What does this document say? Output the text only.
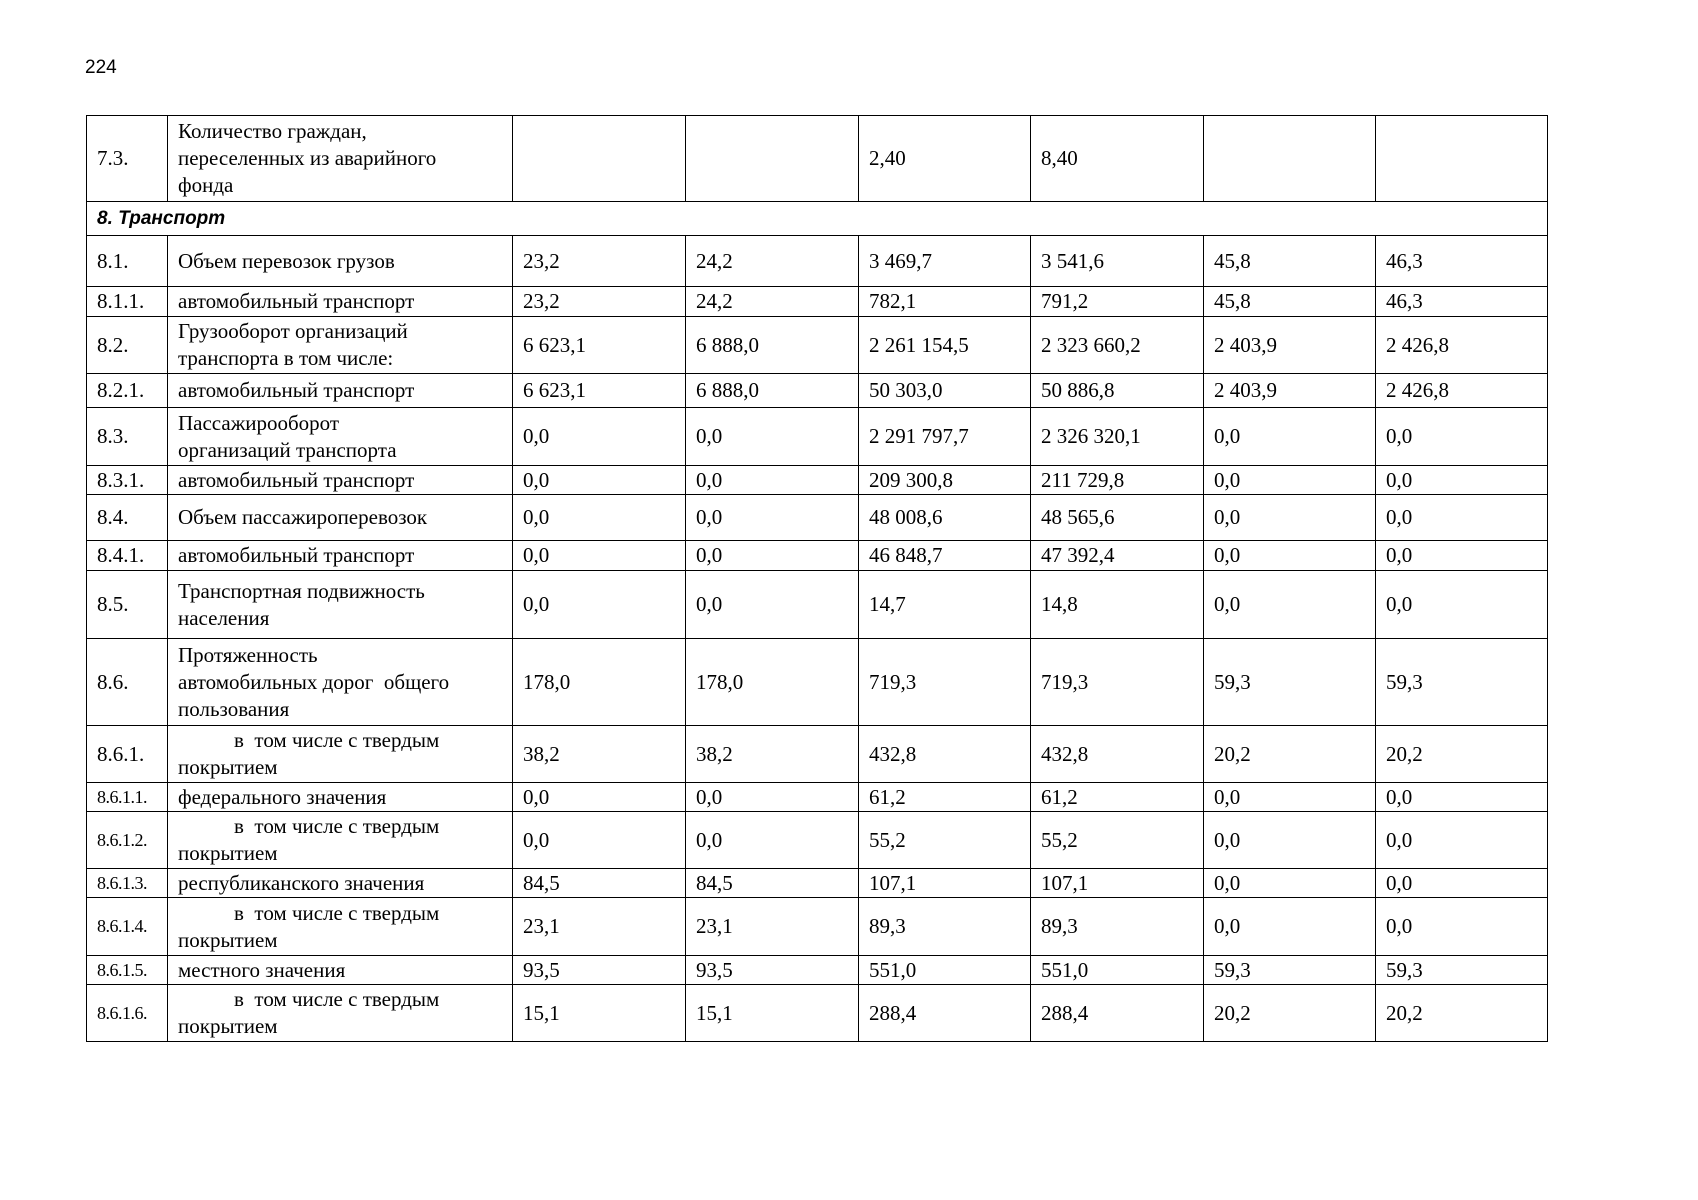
224
7.3.	Количество граждан,
переселенных из аварийного
фонда			2,40	8,40		
8. Транспорт							
8.1.	Объем перевозок грузов	23,2	24,2	3 469,7	3 541,6	45,8	46,3
8.1.1.	автомобильный транспорт	23,2	24,2	782,1	791,2	45,8	46,3
8.2.	Грузооборот организаций
транспорта в том числе:	6 623,1	6 888,0	2 261 154,5	2 323 660,2	2 403,9	2 426,8
8.2.1.	автомобильный транспорт	6 623,1	6 888,0	50 303,0	50 886,8	2 403,9	2 426,8
8.3.	Пассажирооборот
организаций транспорта	0,0	0,0	2 291 797,7	2 326 320,1	0,0	0,0
8.3.1.	автомобильный транспорт	0,0	0,0	209 300,8	211 729,8	0,0	0,0
8.4.	Объем пассажироперевозок	0,0	0,0	48 008,6	48 565,6	0,0	0,0
8.4.1.	автомобильный транспорт	0,0	0,0	46 848,7	47 392,4	0,0	0,0
8.5.	Транспортная подвижность
населения	0,0	0,0	14,7	14,8	0,0	0,0
8.6.	Протяженность
автомобильных дорог  общего
пользования	178,0	178,0	719,3	719,3	59,3	59,3
8.6.1.	в  том числе с твердым
покрытием	38,2	38,2	432,8	432,8	20,2	20,2
8.6.1.1.	федерального значения	0,0	0,0	61,2	61,2	0,0	0,0
8.6.1.2.	в  том числе с твердым
покрытием	0,0	0,0	55,2	55,2	0,0	0,0
8.6.1.3.	республиканского значения	84,5	84,5	107,1	107,1	0,0	0,0
8.6.1.4.	в  том числе с твердым
покрытием	23,1	23,1	89,3	89,3	0,0	0,0
8.6.1.5.	местного значения	93,5	93,5	551,0	551,0	59,3	59,3
8.6.1.6.	в  том числе с твердым
покрытием	15,1	15,1	288,4	288,4	20,2	20,2
